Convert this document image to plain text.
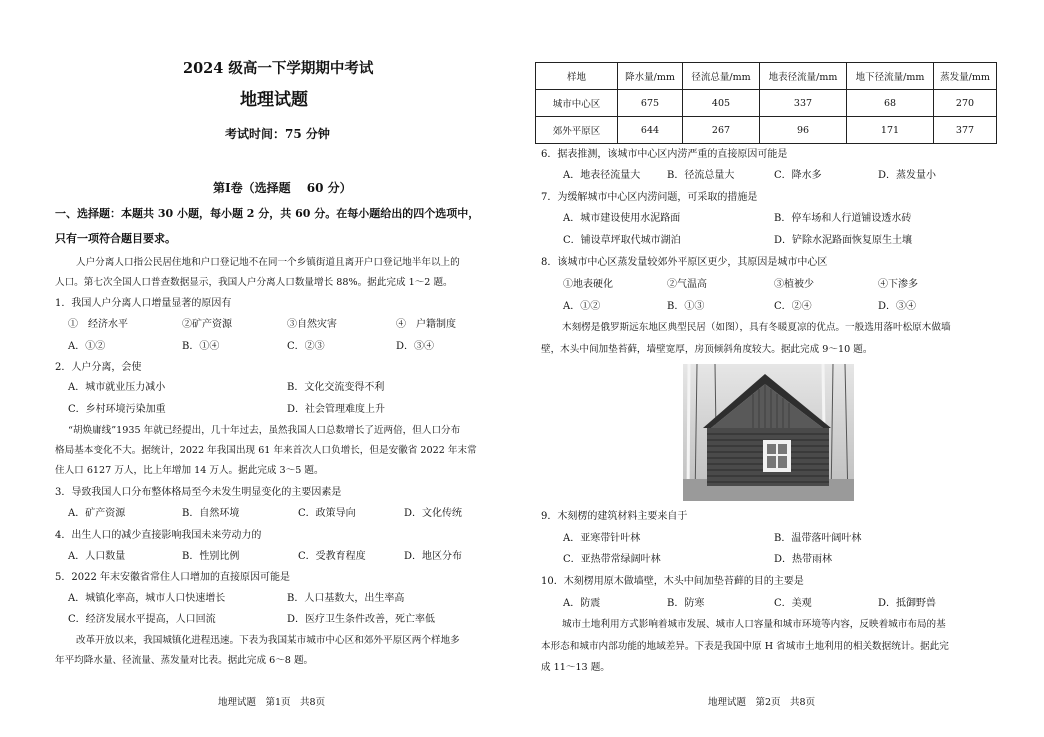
2024 级高一下学期期中考试
地理试题
考试时间：75 分钟
第Ⅰ卷（选择题　 60 分）
一、选择题：本题共 30 小题，每小题 2 分，共 60 分。在每小题给出的四个选项中，
只有一项符合题目要求。
人户分离人口指公民居住地和户口登记地不在同一个乡镇街道且离开户口登记地半年以上的
人口。第七次全国人口普查数据显示，我国人户分离人口数量增长 88%。据此完成 1～2 题。
1．我国人户分离人口增量显著的原因有
①　经济水平	②矿产资源	③自然灾害	④　户籍制度
A．①②	B．①④	C．②③	D．③④
2．人户分离，会使
A．城市就业压力减小	B．文化交流变得不利
C．乡村环境污染加重	D．社会管理难度上升
“胡焕庸线”1935 年就已经提出，几十年过去，虽然我国人口总数增长了近两倍，但人口分布
格局基本变化不大。据统计，2022 年我国出现 61 年来首次人口负增长，但是安徽省 2022 年末常
住人口 6127 万人，比上年增加 14 万人。据此完成 3～5 题。
3．导致我国人口分布整体格局至今未发生明显变化的主要因素是
A．矿产资源	B．自然环境	C．政策导向	D．文化传统
4．出生人口的减少直接影响我国未来劳动力的
A．人口数量	B．性别比例	C．受教育程度	D．地区分布
5．2022 年末安徽省常住人口增加的直接原因可能是
A．城镇化率高，城市人口快速增长	B．人口基数大，出生率高
C．经济发展水平提高，人口回流	D．医疗卫生条件改善，死亡率低
改革开放以来，我国城镇化进程迅速。下表为我国某市城市中心区和郊外平原区两个样地多
年平均降水量、径流量、蒸发量对比表。据此完成 6～8 题。
地理试题　第1页　共8页
样地	降水量/mm	径流总量/mm	地表径流量/mm	地下径流量/mm	蒸发量/mm
城市中心区	675	405	337	68	270
郊外平原区	644	267	96	171	377
6．据表推测，该城市中心区内涝严重的直接原因可能是
A．地表径流量大	B．径流总量大	C．降水多	D．蒸发量小
7．为缓解城市中心区内涝问题，可采取的措施是
A．城市建设使用水泥路面	B．停车场和人行道铺设透水砖
C．铺设草坪取代城市湖泊	D．铲除水泥路面恢复原生土壤
8．该城市中心区蒸发量较郊外平原区更少，其原因是城市中心区
①地表硬化	②气温高	③植被少	④下渗多
A．①②	B．①③	C．②④	D．③④
木刻楞是俄罗斯远东地区典型民居（如图），具有冬暖夏凉的优点。一般选用落叶松原木做墙
壁，木头中间加垫苔藓，墙壁宽厚，房顶倾斜角度较大。据此完成 9～10 题。
9．木刻楞的建筑材料主要来自于
A．亚寒带针叶林	B．温带落叶阔叶林
C．亚热带常绿阔叶林	D．热带雨林
10．木刻楞用原木做墙壁，木头中间加垫苔藓的目的主要是
A．防震	B．防寒	C．美观	D．抵御野兽
城市土地利用方式影响着城市发展、城市人口容量和城市环境等内容，反映着城市布局的基
本形态和城市内部功能的地域差异。下表是我国中原 H 省城市土地利用的相关数据统计。据此完
成 11～13 题。
地理试题　第2页　共8页
